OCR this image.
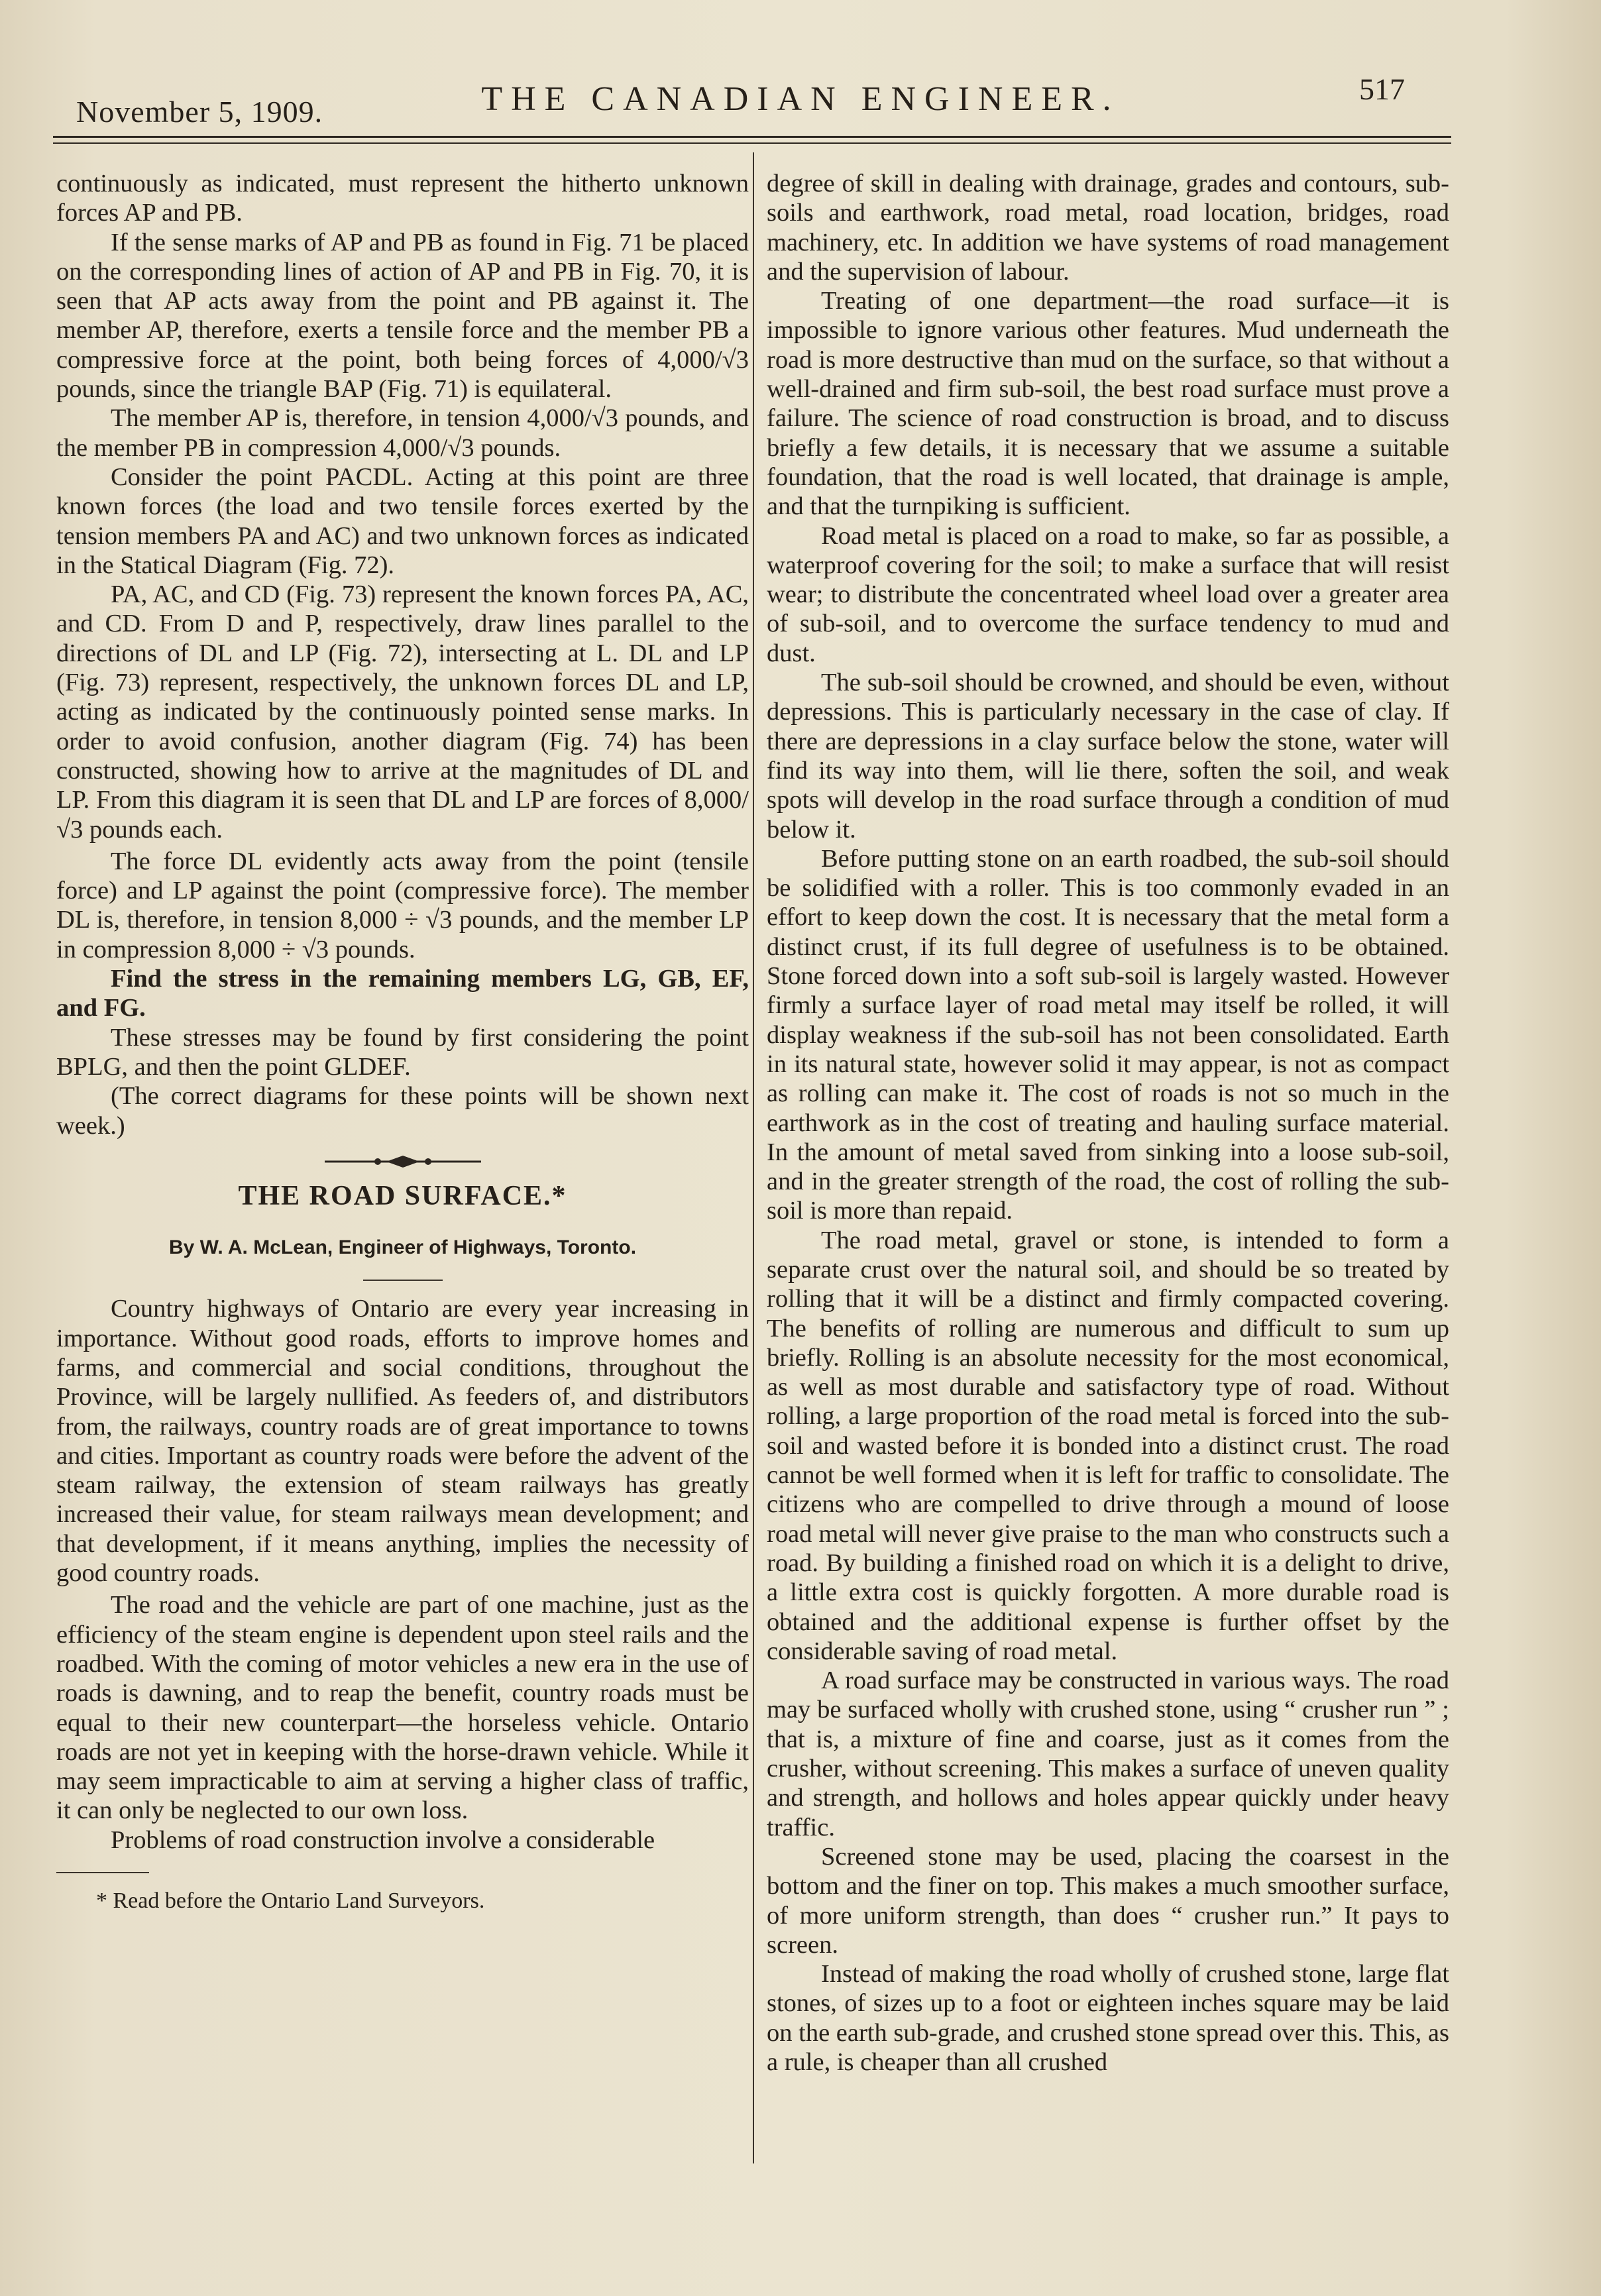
November 5, 1909.	THE CANADIAN ENGINEER.	517

continuously as indicated, must represent the hitherto unknown forces AP and PB.

If the sense marks of AP and PB as found in Fig. 71 be placed on the corresponding lines of action of AP and PB in Fig. 70, it is seen that AP acts away from the point and PB against it. The member AP, therefore, exerts a tensile force and the member PB a compressive force at the point, both being forces of 4,000/√3 pounds, since the triangle BAP (Fig. 71) is equilateral.

The member AP is, therefore, in tension 4,000/√3 pounds, and the member PB in compression 4,000/√3 pounds.

Consider the point PACDL. Acting at this point are three known forces (the load and two tensile forces exerted by the tension members PA and AC) and two unknown forces as indicated in the Statical Diagram (Fig. 72).

PA, AC, and CD (Fig. 73) represent the known forces PA, AC, and CD. From D and P, respectively, draw lines parallel to the directions of DL and LP (Fig. 72), intersecting at L. DL and LP (Fig. 73) represent, respectively, the unknown forces DL and LP, acting as indicated by the continuously pointed sense marks. In order to avoid confusion, another diagram (Fig. 74) has been constructed, showing how to arrive at the magnitudes of DL and LP. From this diagram it is seen that DL and LP are forces of 8,000/√3 pounds each.

The force DL evidently acts away from the point (tensile force) and LP against the point (compressive force). The member DL is, therefore, in tension 8,000 ÷ √3 pounds, and the member LP in compression 8,000 ÷ √3 pounds.

Find the stress in the remaining members LG, GB, EF, and FG.

These stresses may be found by first considering the point BPLG, and then the point GLDEF.

(The correct diagrams for these points will be shown next week.)

THE ROAD SURFACE.*
By W. A. McLean, Engineer of Highways, Toronto.

Country highways of Ontario are every year increasing in importance. Without good roads, efforts to improve homes and farms, and commercial and social conditions, throughout the Province, will be largely nullified. As feeders of, and distributors from, the railways, country roads are of great importance to towns and cities. Important as country roads were before the advent of the steam railway, the extension of steam railways has greatly increased their value, for steam railways mean development; and that development, if it means anything, implies the necessity of good country roads.

The road and the vehicle are part of one machine, just as the efficiency of the steam engine is dependent upon steel rails and the roadbed. With the coming of motor vehicles a new era in the use of roads is dawning, and to reap the benefit, country roads must be equal to their new counterpart—the horseless vehicle. Ontario roads are not yet in keeping with the horse-drawn vehicle. While it may seem impracticable to aim at serving a higher class of traffic, it can only be neglected to our own loss.

Problems of road construction involve a considerable

* Read before the Ontario Land Surveyors.

degree of skill in dealing with drainage, grades and contours, sub-soils and earthwork, road metal, road location, bridges, road machinery, etc. In addition we have systems of road management and the supervision of labour.

Treating of one department—the road surface—it is impossible to ignore various other features. Mud underneath the road is more destructive than mud on the surface, so that without a well-drained and firm sub-soil, the best road surface must prove a failure. The science of road construction is broad, and to discuss briefly a few details, it is necessary that we assume a suitable foundation, that the road is well located, that drainage is ample, and that the turnpiking is sufficient.

Road metal is placed on a road to make, so far as possible, a waterproof covering for the soil; to make a surface that will resist wear; to distribute the concentrated wheel load over a greater area of sub-soil, and to overcome the surface tendency to mud and dust.

The sub-soil should be crowned, and should be even, without depressions. This is particularly necessary in the case of clay. If there are depressions in a clay surface below the stone, water will find its way into them, will lie there, soften the soil, and weak spots will develop in the road surface through a condition of mud below it.

Before putting stone on an earth roadbed, the sub-soil should be solidified with a roller. This is too commonly evaded in an effort to keep down the cost. It is necessary that the metal form a distinct crust, if its full degree of usefulness is to be obtained. Stone forced down into a soft sub-soil is largely wasted. However firmly a surface layer of road metal may itself be rolled, it will display weakness if the sub-soil has not been consolidated. Earth in its natural state, however solid it may appear, is not as compact as rolling can make it. The cost of roads is not so much in the earthwork as in the cost of treating and hauling surface material. In the amount of metal saved from sinking into a loose sub-soil, and in the greater strength of the road, the cost of rolling the sub-soil is more than repaid.

The road metal, gravel or stone, is intended to form a separate crust over the natural soil, and should be so treated by rolling that it will be a distinct and firmly compacted covering. The benefits of rolling are numerous and difficult to sum up briefly. Rolling is an absolute necessity for the most economical, as well as most durable and satisfactory type of road. Without rolling, a large proportion of the road metal is forced into the sub-soil and wasted before it is bonded into a distinct crust. The road cannot be well formed when it is left for traffic to consolidate. The citizens who are compelled to drive through a mound of loose road metal will never give praise to the man who constructs such a road. By building a finished road on which it is a delight to drive, a little extra cost is quickly forgotten. A more durable road is obtained and the additional expense is further offset by the considerable saving of road metal.

A road surface may be constructed in various ways. The road may be surfaced wholly with crushed stone, using “ crusher run ” ; that is, a mixture of fine and coarse, just as it comes from the crusher, without screening. This makes a surface of uneven quality and strength, and hollows and holes appear quickly under heavy traffic.

Screened stone may be used, placing the coarsest in the bottom and the finer on top. This makes a much smoother surface, of more uniform strength, than does “ crusher run.” It pays to screen.

Instead of making the road wholly of crushed stone, large flat stones, of sizes up to a foot or eighteen inches square may be laid on the earth sub-grade, and crushed stone spread over this. This, as a rule, is cheaper than all crushed
